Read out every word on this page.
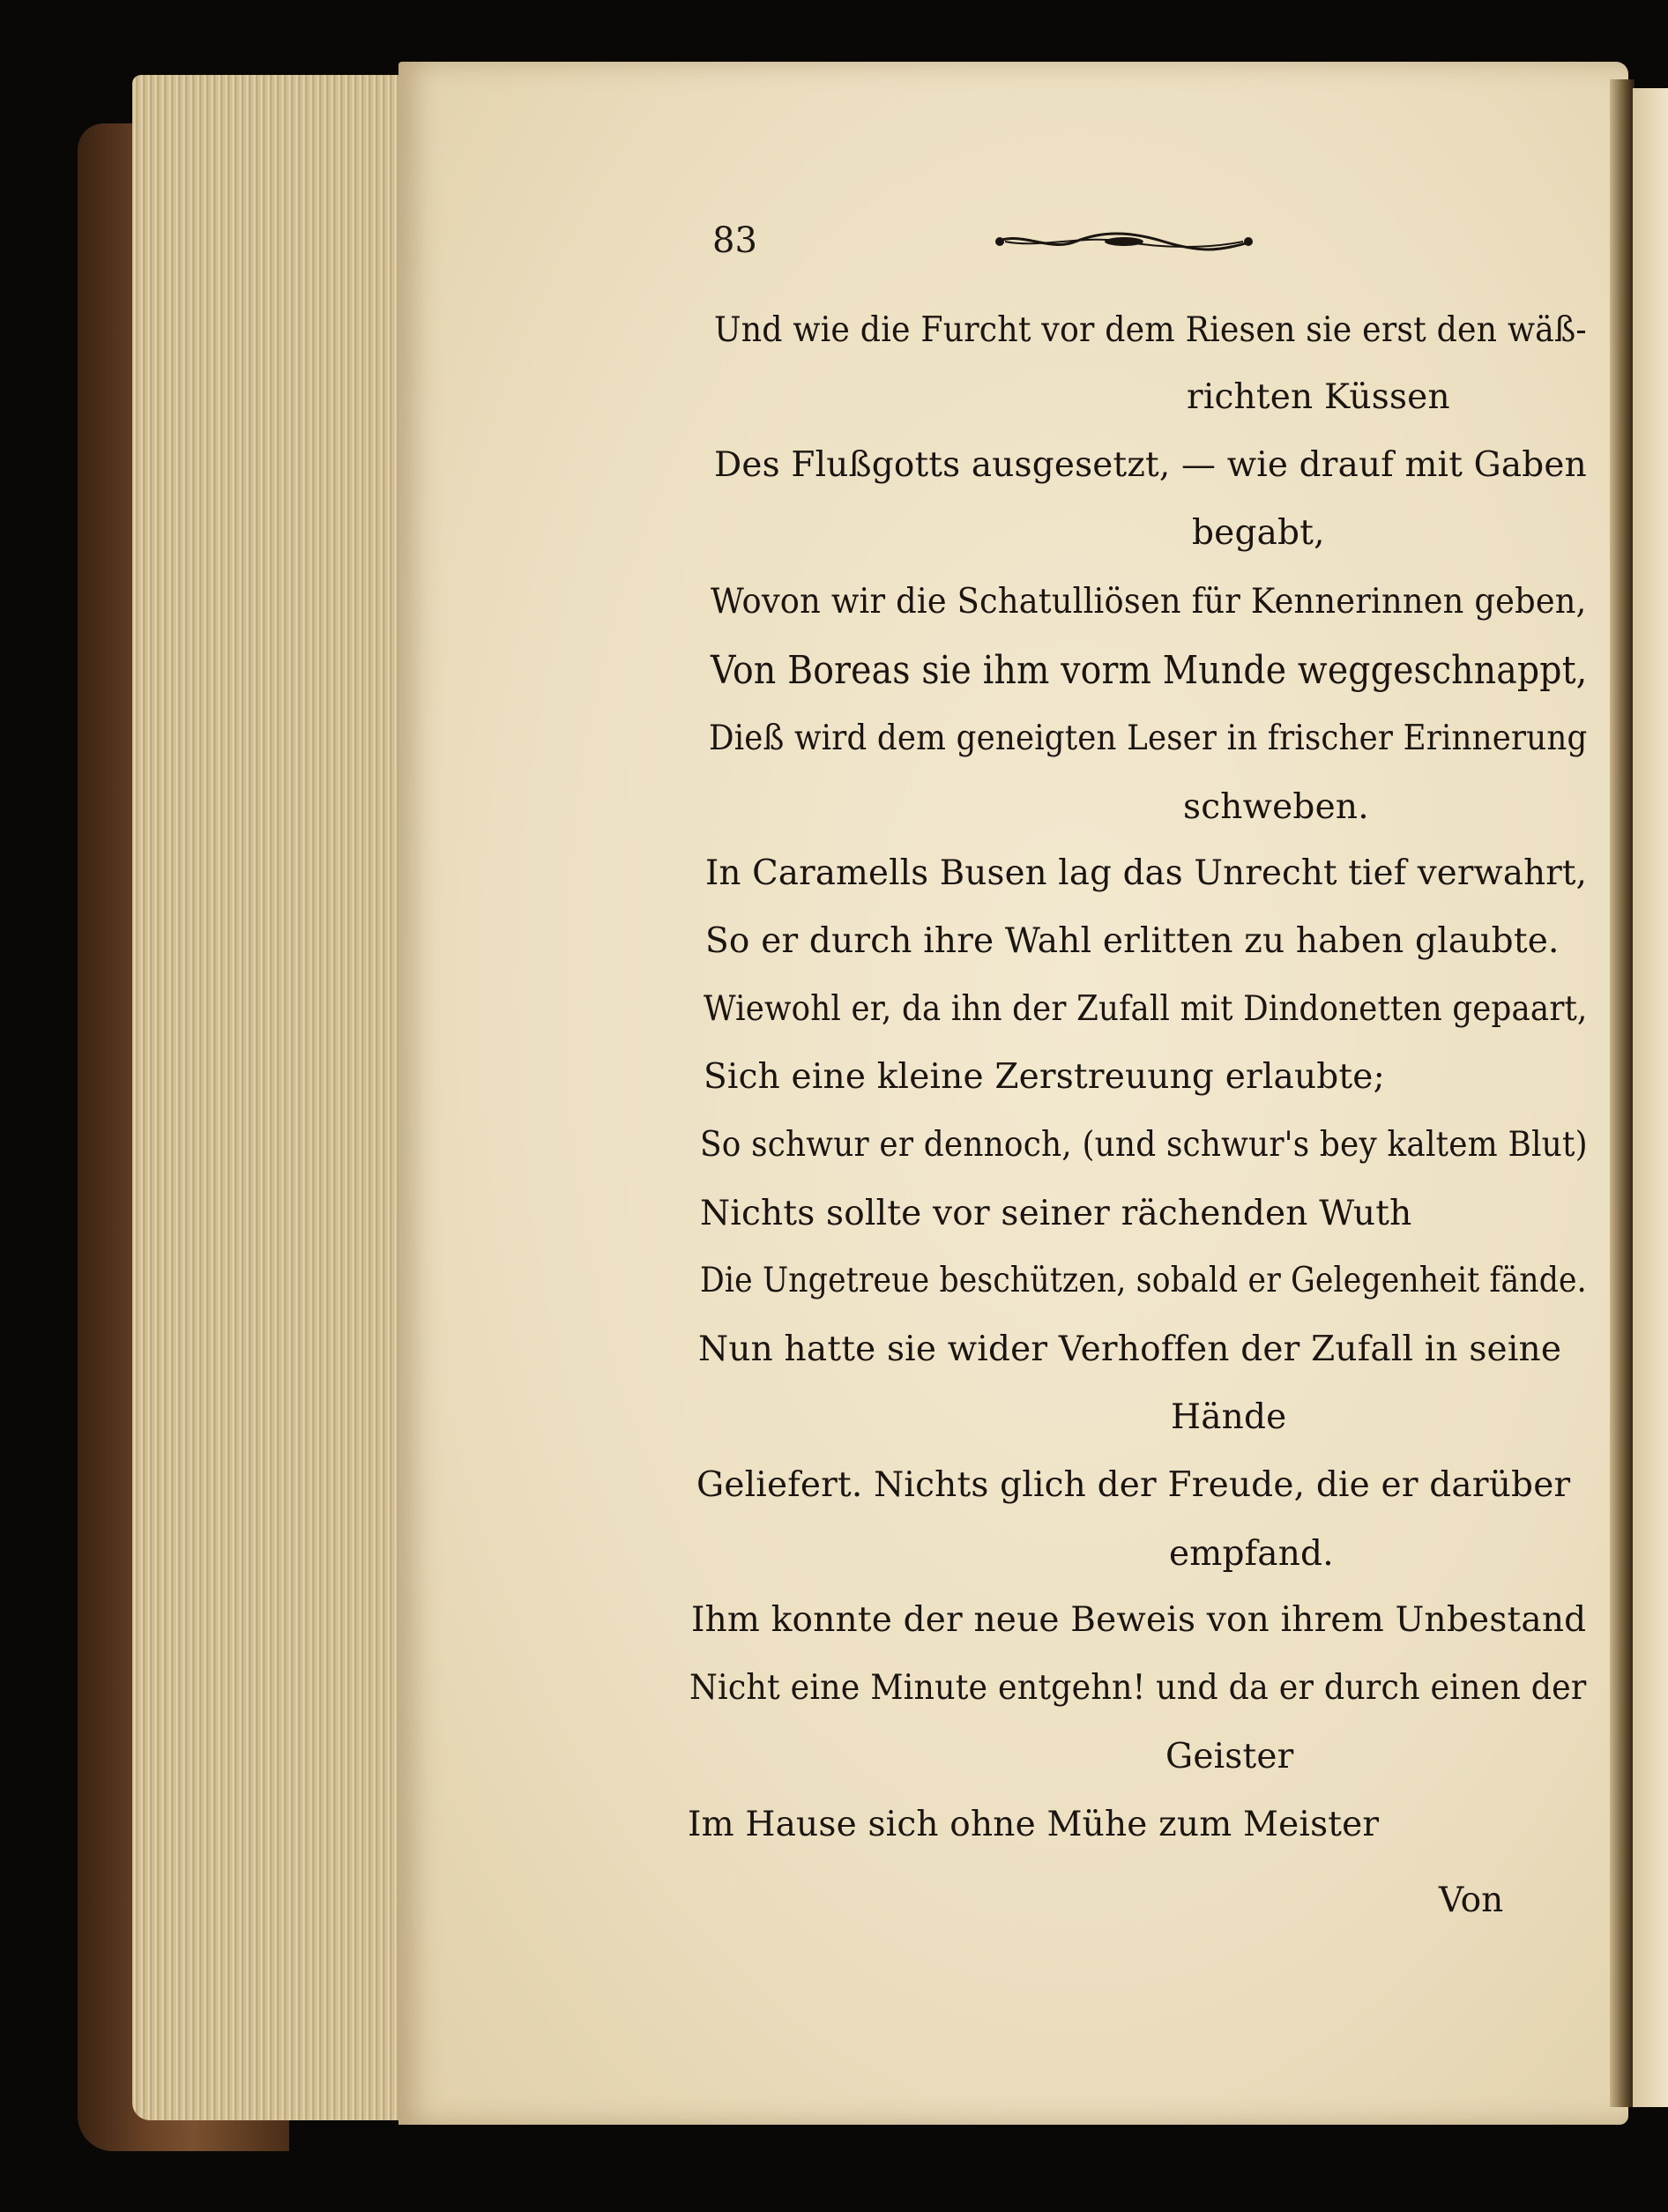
83
Und wie die Furcht vor dem Riesen sie erst den wäß-
richten Küssen
Des Flußgotts ausgesetzt, — wie drauf mit Gaben
begabt,
Wovon wir die Schatulliösen für Kennerinnen geben,
Von Boreas sie ihm vorm Munde weggeschnappt,
Dieß wird dem geneigten Leser in frischer Erinnerung
schweben.
In Caramells Busen lag das Unrecht tief verwahrt,
So er durch ihre Wahl erlitten zu haben glaubte.
Wiewohl er, da ihn der Zufall mit Dindonetten gepaart,
Sich eine kleine Zerstreuung erlaubte;
So schwur er dennoch, (und schwur's bey kaltem Blut)
Nichts sollte vor seiner rächenden Wuth
Die Ungetreue beschützen, sobald er Gelegenheit fände.
Nun hatte sie wider Verhoffen der Zufall in seine
Hände
Geliefert. Nichts glich der Freude, die er darüber
empfand.
Ihm konnte der neue Beweis von ihrem Unbestand
Nicht eine Minute entgehn! und da er durch einen der
Geister
Im Hause sich ohne Mühe zum Meister
Von
